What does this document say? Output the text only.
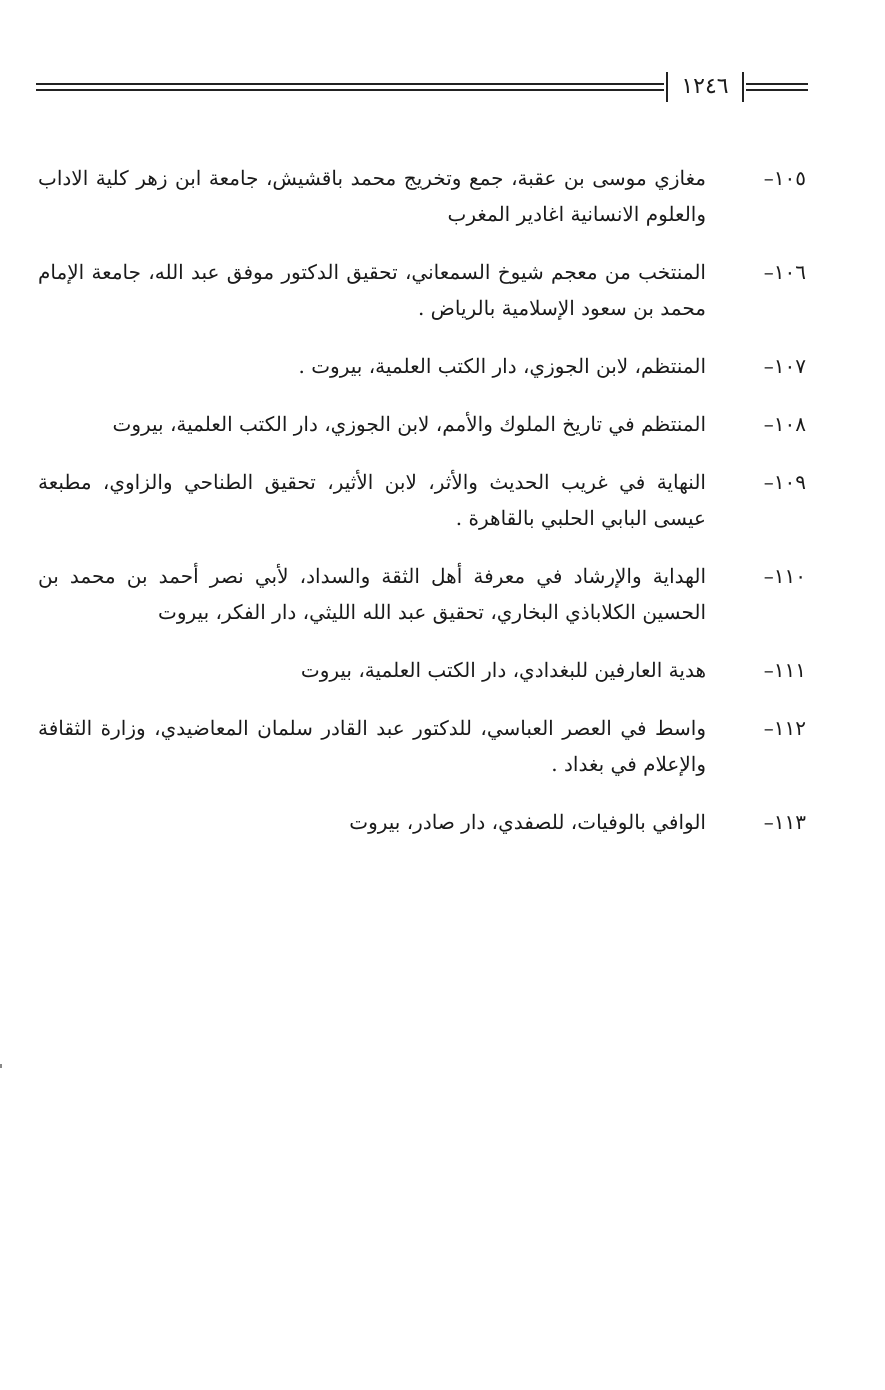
١٢٤٦
١٠٥–
مغازي موسى بن عقبة، جمع وتخريج محمد باقشيش، جامعة ابن زهر كلية الاداب والعلوم الانسانية اغادير المغرب
١٠٦–
المنتخب من معجم شيوخ السمعاني، تحقيق الدكتور موفق عبد الله، جامعة الإمام محمد بن سعود الإسلامية بالرياض .
١٠٧–
المنتظم، لابن الجوزي، دار الكتب العلمية، بيروت .
١٠٨–
المنتظم في تاريخ الملوك والأمم، لابن الجوزي، دار الكتب العلمية، بيروت
١٠٩–
النهاية في غريب الحديث والأثر، لابن الأثير، تحقيق الطناحي والزاوي، مطبعة عيسى البابي الحلبي بالقاهرة .
١١٠–
الهداية والإرشاد في معرفة أهل الثقة والسداد، لأبي نصر أحمد بن محمد بن الحسين الكلاباذي البخاري، تحقيق عبد الله الليثي، دار الفكر، بيروت
١١١–
هدية العارفين للبغدادي، دار الكتب العلمية، بيروت
١١٢–
واسط في العصر العباسي، للدكتور عبد القادر سلمان المعاضيدي، وزارة الثقافة والإعلام في بغداد .
١١٣–
الوافي بالوفيات، للصفدي، دار صادر، بيروت
